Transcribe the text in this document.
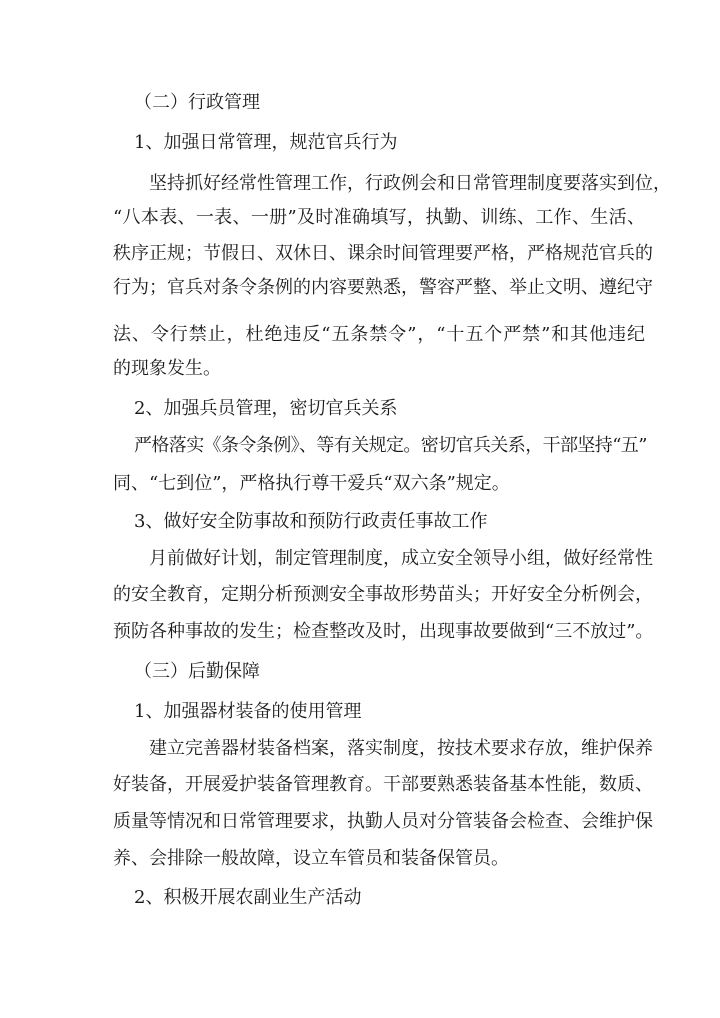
（二）行政管理
1、加强日常管理，规范官兵行为
坚持抓好经常性管理工作，行政例会和日常管理制度要落实到位，
“八本表、一表、一册”及时准确填写，执勤、训练、工作、生活、
秩序正规；节假日、双休日、课余时间管理要严格，严格规范官兵的
行为；官兵对条令条例的内容要熟悉，警容严整、举止文明、遵纪守
法、令行禁止，杜绝违反“五条禁令”，“十五个严禁”和其他违纪
的现象发生。
2、加强兵员管理，密切官兵关系
严格落实《条令条例》、等有关规定。密切官兵关系，干部坚持“五”
同、“七到位”，严格执行尊干爱兵“双六条”规定。
3、做好安全防事故和预防行政责任事故工作
月前做好计划，制定管理制度，成立安全领导小组，做好经常性
的安全教育，定期分析预测安全事故形势苗头；开好安全分析例会，
预防各种事故的发生；检查整改及时，出现事故要做到“三不放过”。
（三）后勤保障
1、加强器材装备的使用管理
建立完善器材装备档案，落实制度，按技术要求存放，维护保养
好装备，开展爱护装备管理教育。干部要熟悉装备基本性能，数质、
质量等情况和日常管理要求，执勤人员对分管装备会检查、会维护保
养、会排除一般故障，设立车管员和装备保管员。
2、积极开展农副业生产活动
